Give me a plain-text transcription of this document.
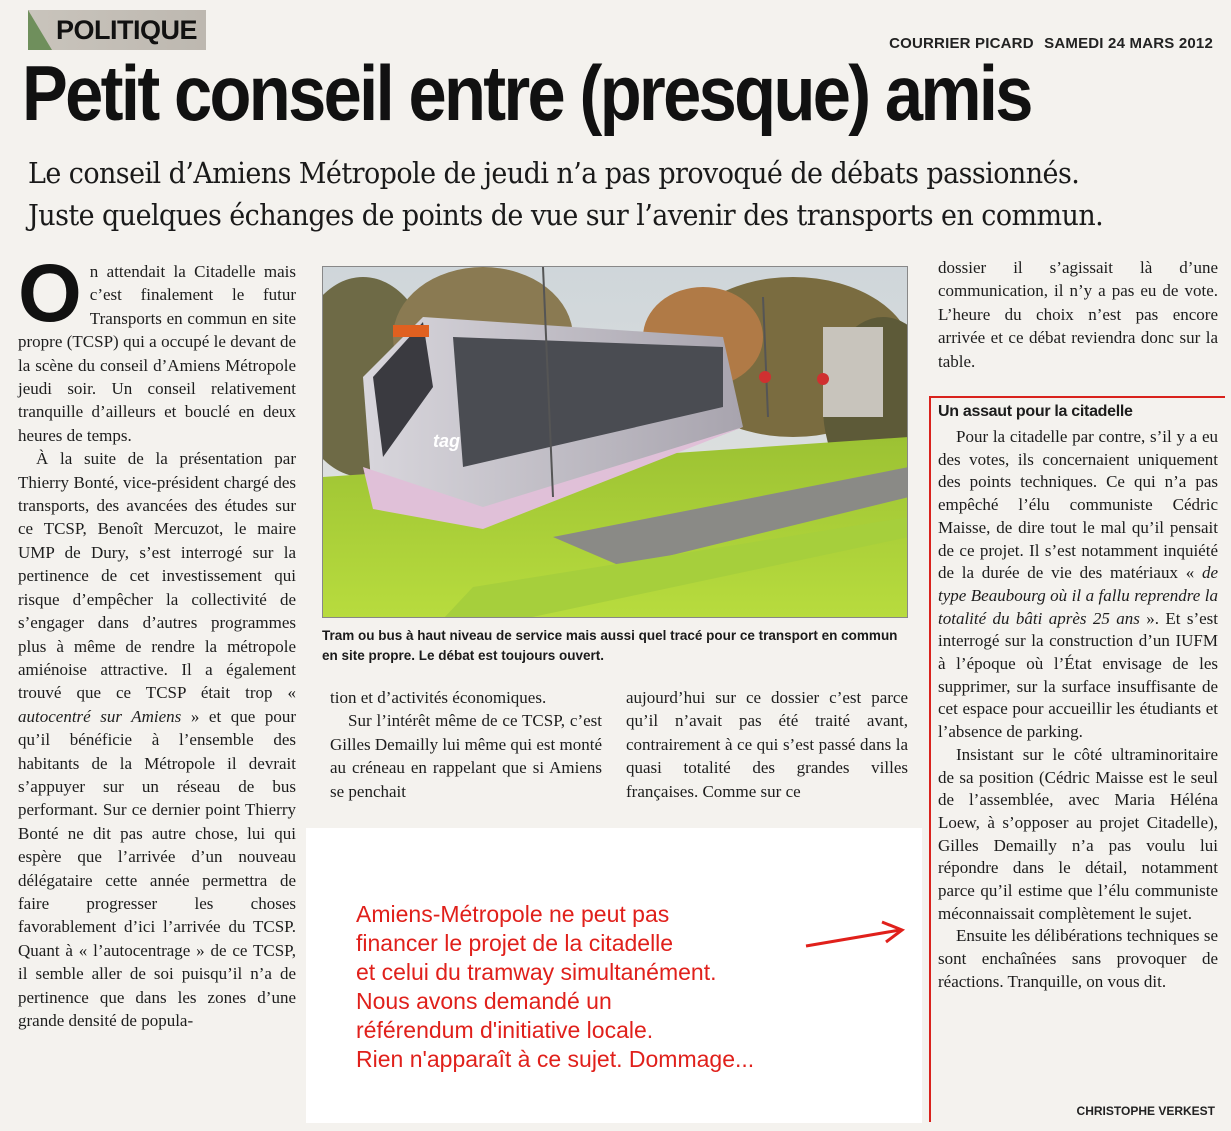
POLITIQUE	COURRIER PICARD SAMEDI 24 MARS 2012
Petit conseil entre (presque) amis
Le conseil d’Amiens Métropole de jeudi n’a pas provoqué de débats passionnés.
Juste quelques échanges de points de vue sur l’avenir des transports en commun.

On attendait la Citadelle mais c’est finalement le futur Transports en commun en site propre (TCSP) qui a occupé le devant de la scène du conseil d’Amiens Métropole jeudi soir. Un conseil relativement tranquille d’ailleurs et bouclé en deux heures de temps.

À la suite de la présentation par Thierry Bonté, vice-président chargé des transports, des avancées des études sur ce TCSP, Benoît Mercuzot, le maire UMP de Dury, s’est interrogé sur la pertinence de cet investissement qui risque d’empêcher la collectivité de s’engager dans d’autres programmes plus à même de rendre la métropole amiénoise attractive. Il a également trouvé que ce TCSP était trop « autocentré sur Amiens » et que pour qu’il bénéficie à l’ensemble des habitants de la Métropole il devrait s’appuyer sur un réseau de bus performant. Sur ce dernier point Thierry Bonté ne dit pas autre chose, lui qui espère que l’arrivée d’un nouveau délégataire cette année permettra de faire progresser les choses favorablement d’ici l’arrivée du TCSP. Quant à « l’autocentrage » de ce TCSP, il semble aller de soi puisqu’il n’a de pertinence que dans les zones d’une grande densité de popula-

tag
Tram ou bus à haut niveau de service mais aussi quel tracé pour ce transport en commun en site propre. Le débat est toujours ouvert.

tion et d’activités économiques.

Sur l’intérêt même de ce TCSP, c’est Gilles Demailly lui même qui est monté au créneau en rappelant que si Amiens se penchait

aujourd’hui sur ce dossier c’est parce qu’il n’avait pas été traité avant, contrairement à ce qui s’est passé dans la quasi totalité des grandes villes françaises. Comme sur ce

dossier il s’agissait là d’une communication, il n’y a pas eu de vote. L’heure du choix n’est pas encore arrivée et ce débat reviendra donc sur la table.

Un assaut pour la citadelle

Pour la citadelle par contre, s’il y a eu des votes, ils concernaient uniquement des points techniques. Ce qui n’a pas empêché l’élu communiste Cédric Maisse, de dire tout le mal qu’il pensait de ce projet. Il s’est notamment inquiété de la durée de vie des matériaux « de type Beaubourg où il a fallu reprendre la totalité du bâti après 25 ans ». Et s’est interrogé sur la construction d’un IUFM à l’époque où l’État envisage de les supprimer, sur la surface insuffisante de cet espace pour accueillir les étudiants et l’absence de parking.

Insistant sur le côté ultraminoritaire de sa position (Cédric Maisse est le seul de l’assemblée, avec Maria Héléna Loew, à s’opposer au projet Citadelle), Gilles Demailly n’a pas voulu lui répondre dans le détail, notamment parce qu’il estime que l’élu communiste méconnaissait complètement le sujet.

Ensuite les délibérations techniques se sont enchaînées sans provoquer de réactions. Tranquille, on vous dit.

CHRISTOPHE VERKEST
Amiens-Métropole ne peut pas
financer le projet de la citadelle
et celui du tramway simultanément.
Nous avons demandé un
référendum d'initiative locale.
Rien n'apparaît à ce sujet. Dommage...
